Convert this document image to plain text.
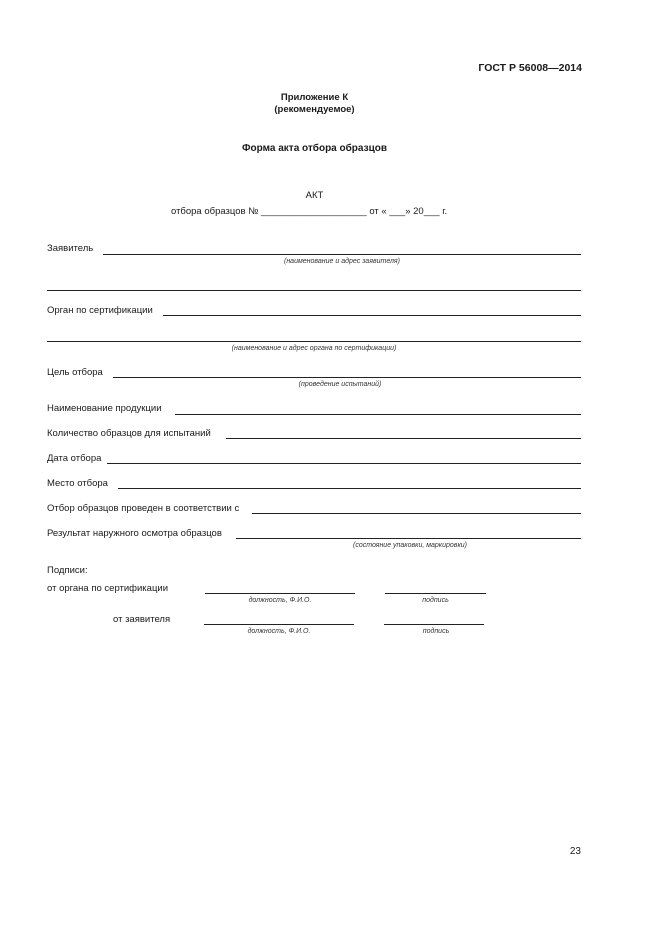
ГОСТ Р 56008—2014
Приложение К
(рекомендуемое)
Форма акта отбора образцов
АКТ
отбора образцов № ____________________ от « ___» 20___ г.
Заявитель
(наименование и адрес заявителя)
Орган по сертификации
(наименование и адрес органа по сертификации)
Цель отбора
(проведение испытаний)
Наименование продукции
Количество образцов для испытаний
Дата отбора
Место отбора
Отбор образцов проведен в соответствии с
Результат наружного осмотра образцов
(состояние упаковки, маркировки)
Подписи:
от органа по сертификации
должность, Ф.И.О.	подпись
от заявителя
должность, Ф.И.О.	подпись
23
